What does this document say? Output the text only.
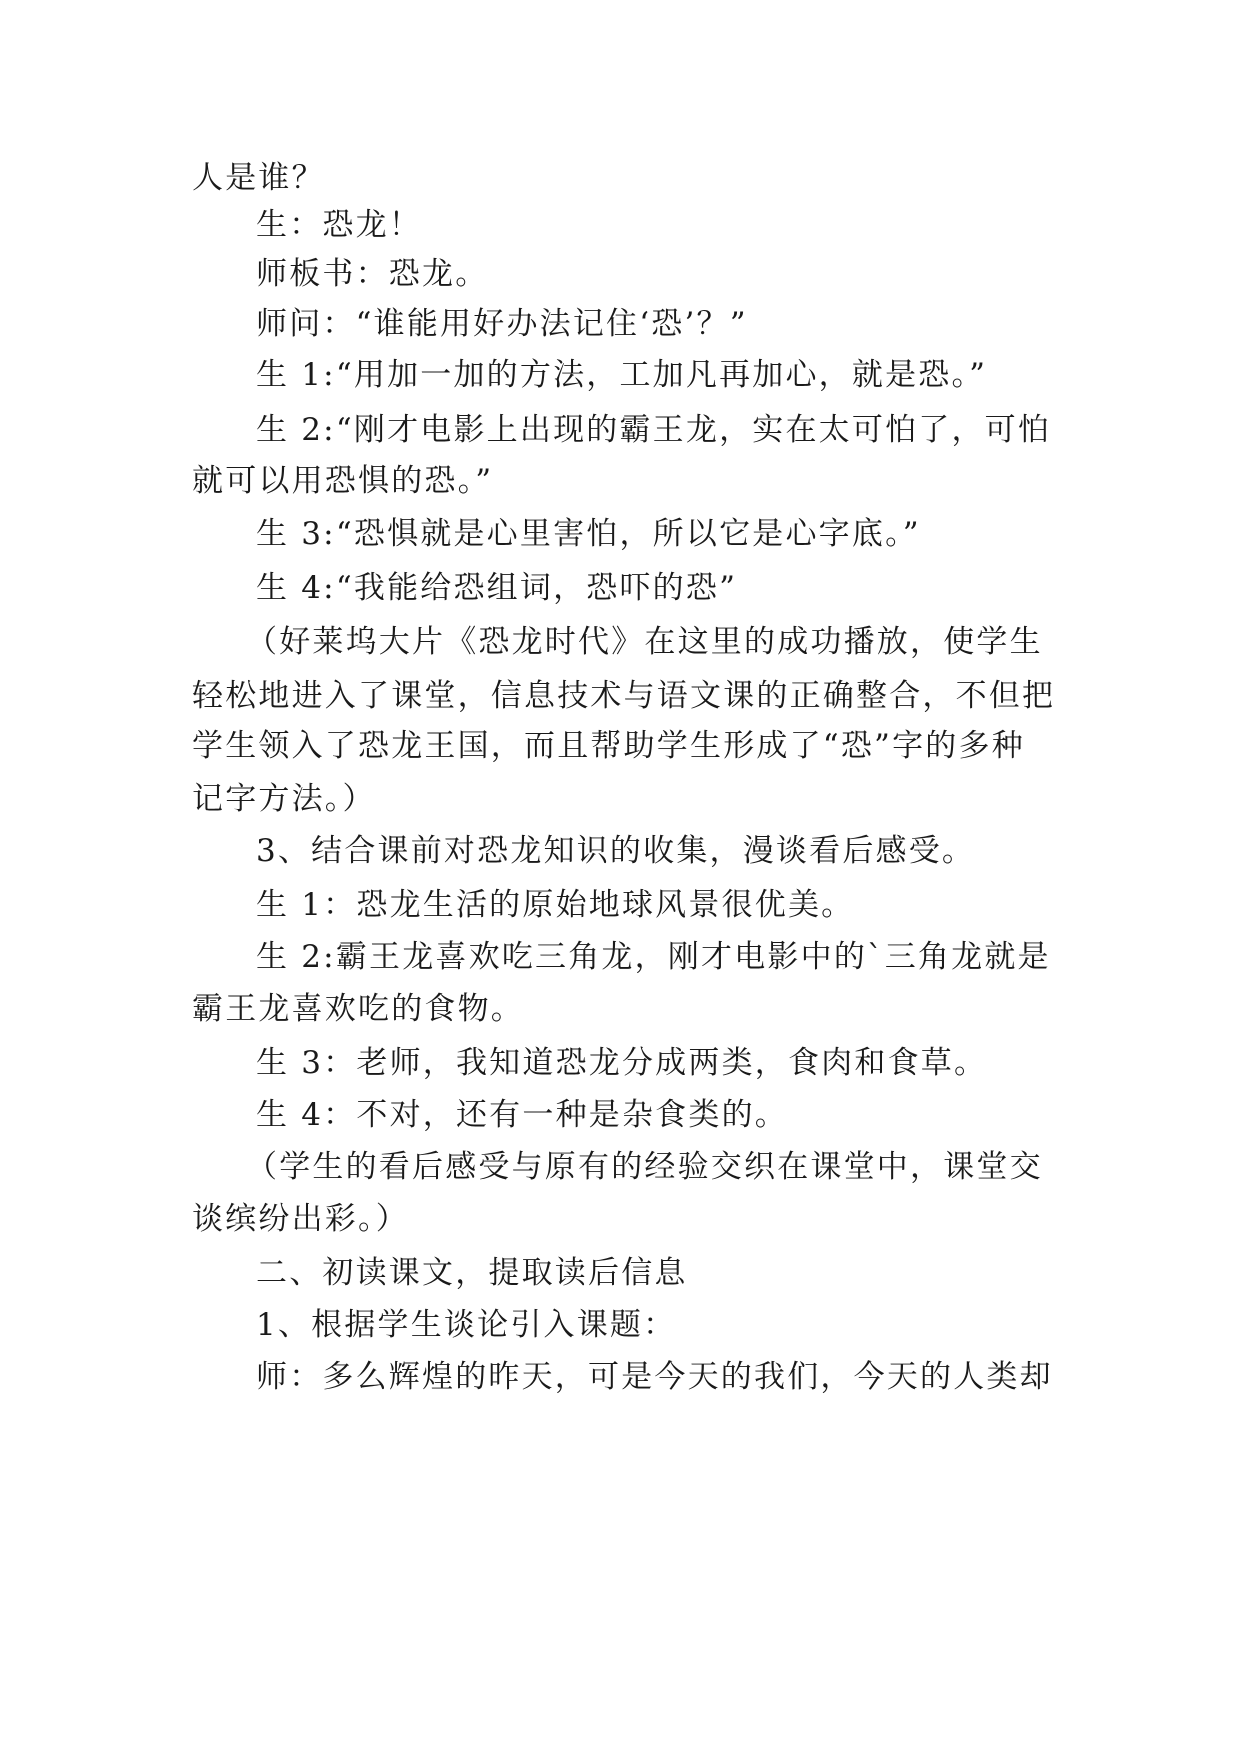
人是谁？
生：恐龙！
师板书：恐龙。
师问：“谁能用好办法记住‘恐’？”
生 1:“用加一加的方法，工加凡再加心，就是恐。”
生 2:“刚才电影上出现的霸王龙，实在太可怕了，可怕
就可以用恐惧的恐。”
生 3:“恐惧就是心里害怕，所以它是心字底。”
生 4:“我能给恐组词，恐吓的恐”
（好莱坞大片《恐龙时代》在这里的成功播放，使学生
轻松地进入了课堂，信息技术与语文课的正确整合，不但把
学生领入了恐龙王国，而且帮助学生形成了“恐”字的多种
记字方法。）
3、结合课前对恐龙知识的收集，漫谈看后感受。
生 1：恐龙生活的原始地球风景很优美。
生 2:霸王龙喜欢吃三角龙，刚才电影中的`三角龙就是
霸王龙喜欢吃的食物。
生 3：老师，我知道恐龙分成两类，食肉和食草。
生 4：不对，还有一种是杂食类的。
（学生的看后感受与原有的经验交织在课堂中，课堂交
谈缤纷出彩。）
二、初读课文，提取读后信息
1、根据学生谈论引入课题：
师：多么辉煌的昨天，可是今天的我们，今天的人类却
